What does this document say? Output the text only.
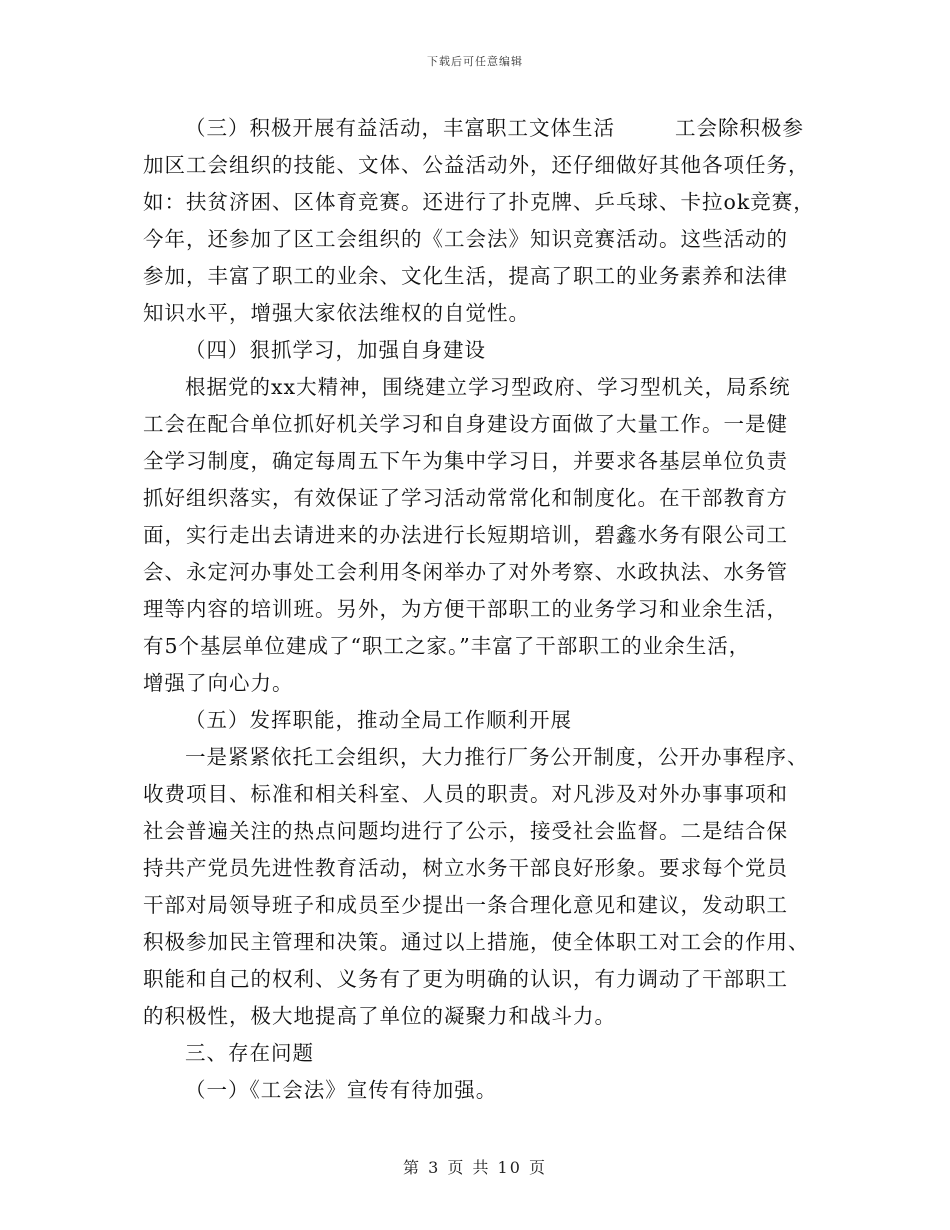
下载后可任意编辑
（三）积极开展有益活动，丰富职工文体生活	工会除积极参
加区工会组织的技能、文体、公益活动外，还仔细做好其他各项任务，
如：扶贫济困、区体育竞赛。还进行了扑克牌、乒乓球、卡拉ok竞赛，
今年，还参加了区工会组织的《工会法》知识竞赛活动。这些活动的
参加，丰富了职工的业余、文化生活，提高了职工的业务素养和法律
知识水平，增强大家依法维权的自觉性。
（四）狠抓学习，加强自身建设
根据党的xx大精神，围绕建立学习型政府、学习型机关，局系统
工会在配合单位抓好机关学习和自身建设方面做了大量工作。一是健
全学习制度，确定每周五下午为集中学习日，并要求各基层单位负责
抓好组织落实，有效保证了学习活动常常化和制度化。在干部教育方
面，实行走出去请进来的办法进行长短期培训，碧鑫水务有限公司工
会、永定河办事处工会利用冬闲举办了对外考察、水政执法、水务管
理等内容的培训班。另外，为方便干部职工的业务学习和业余生活，
有5个基层单位建成了“职工之家。”丰富了干部职工的业余生活，
增强了向心力。
（五）发挥职能，推动全局工作顺利开展
一是紧紧依托工会组织，大力推行厂务公开制度，公开办事程序、
收费项目、标准和相关科室、人员的职责。对凡涉及对外办事事项和
社会普遍关注的热点问题均进行了公示，接受社会监督。二是结合保
持共产党员先进性教育活动，树立水务干部良好形象。要求每个党员
干部对局领导班子和成员至少提出一条合理化意见和建议，发动职工
积极参加民主管理和决策。通过以上措施，使全体职工对工会的作用、
职能和自己的权利、义务有了更为明确的认识，有力调动了干部职工
的积极性，极大地提高了单位的凝聚力和战斗力。
三、存在问题
（一）《工会法》宣传有待加强。
第 3 页 共 10 页
